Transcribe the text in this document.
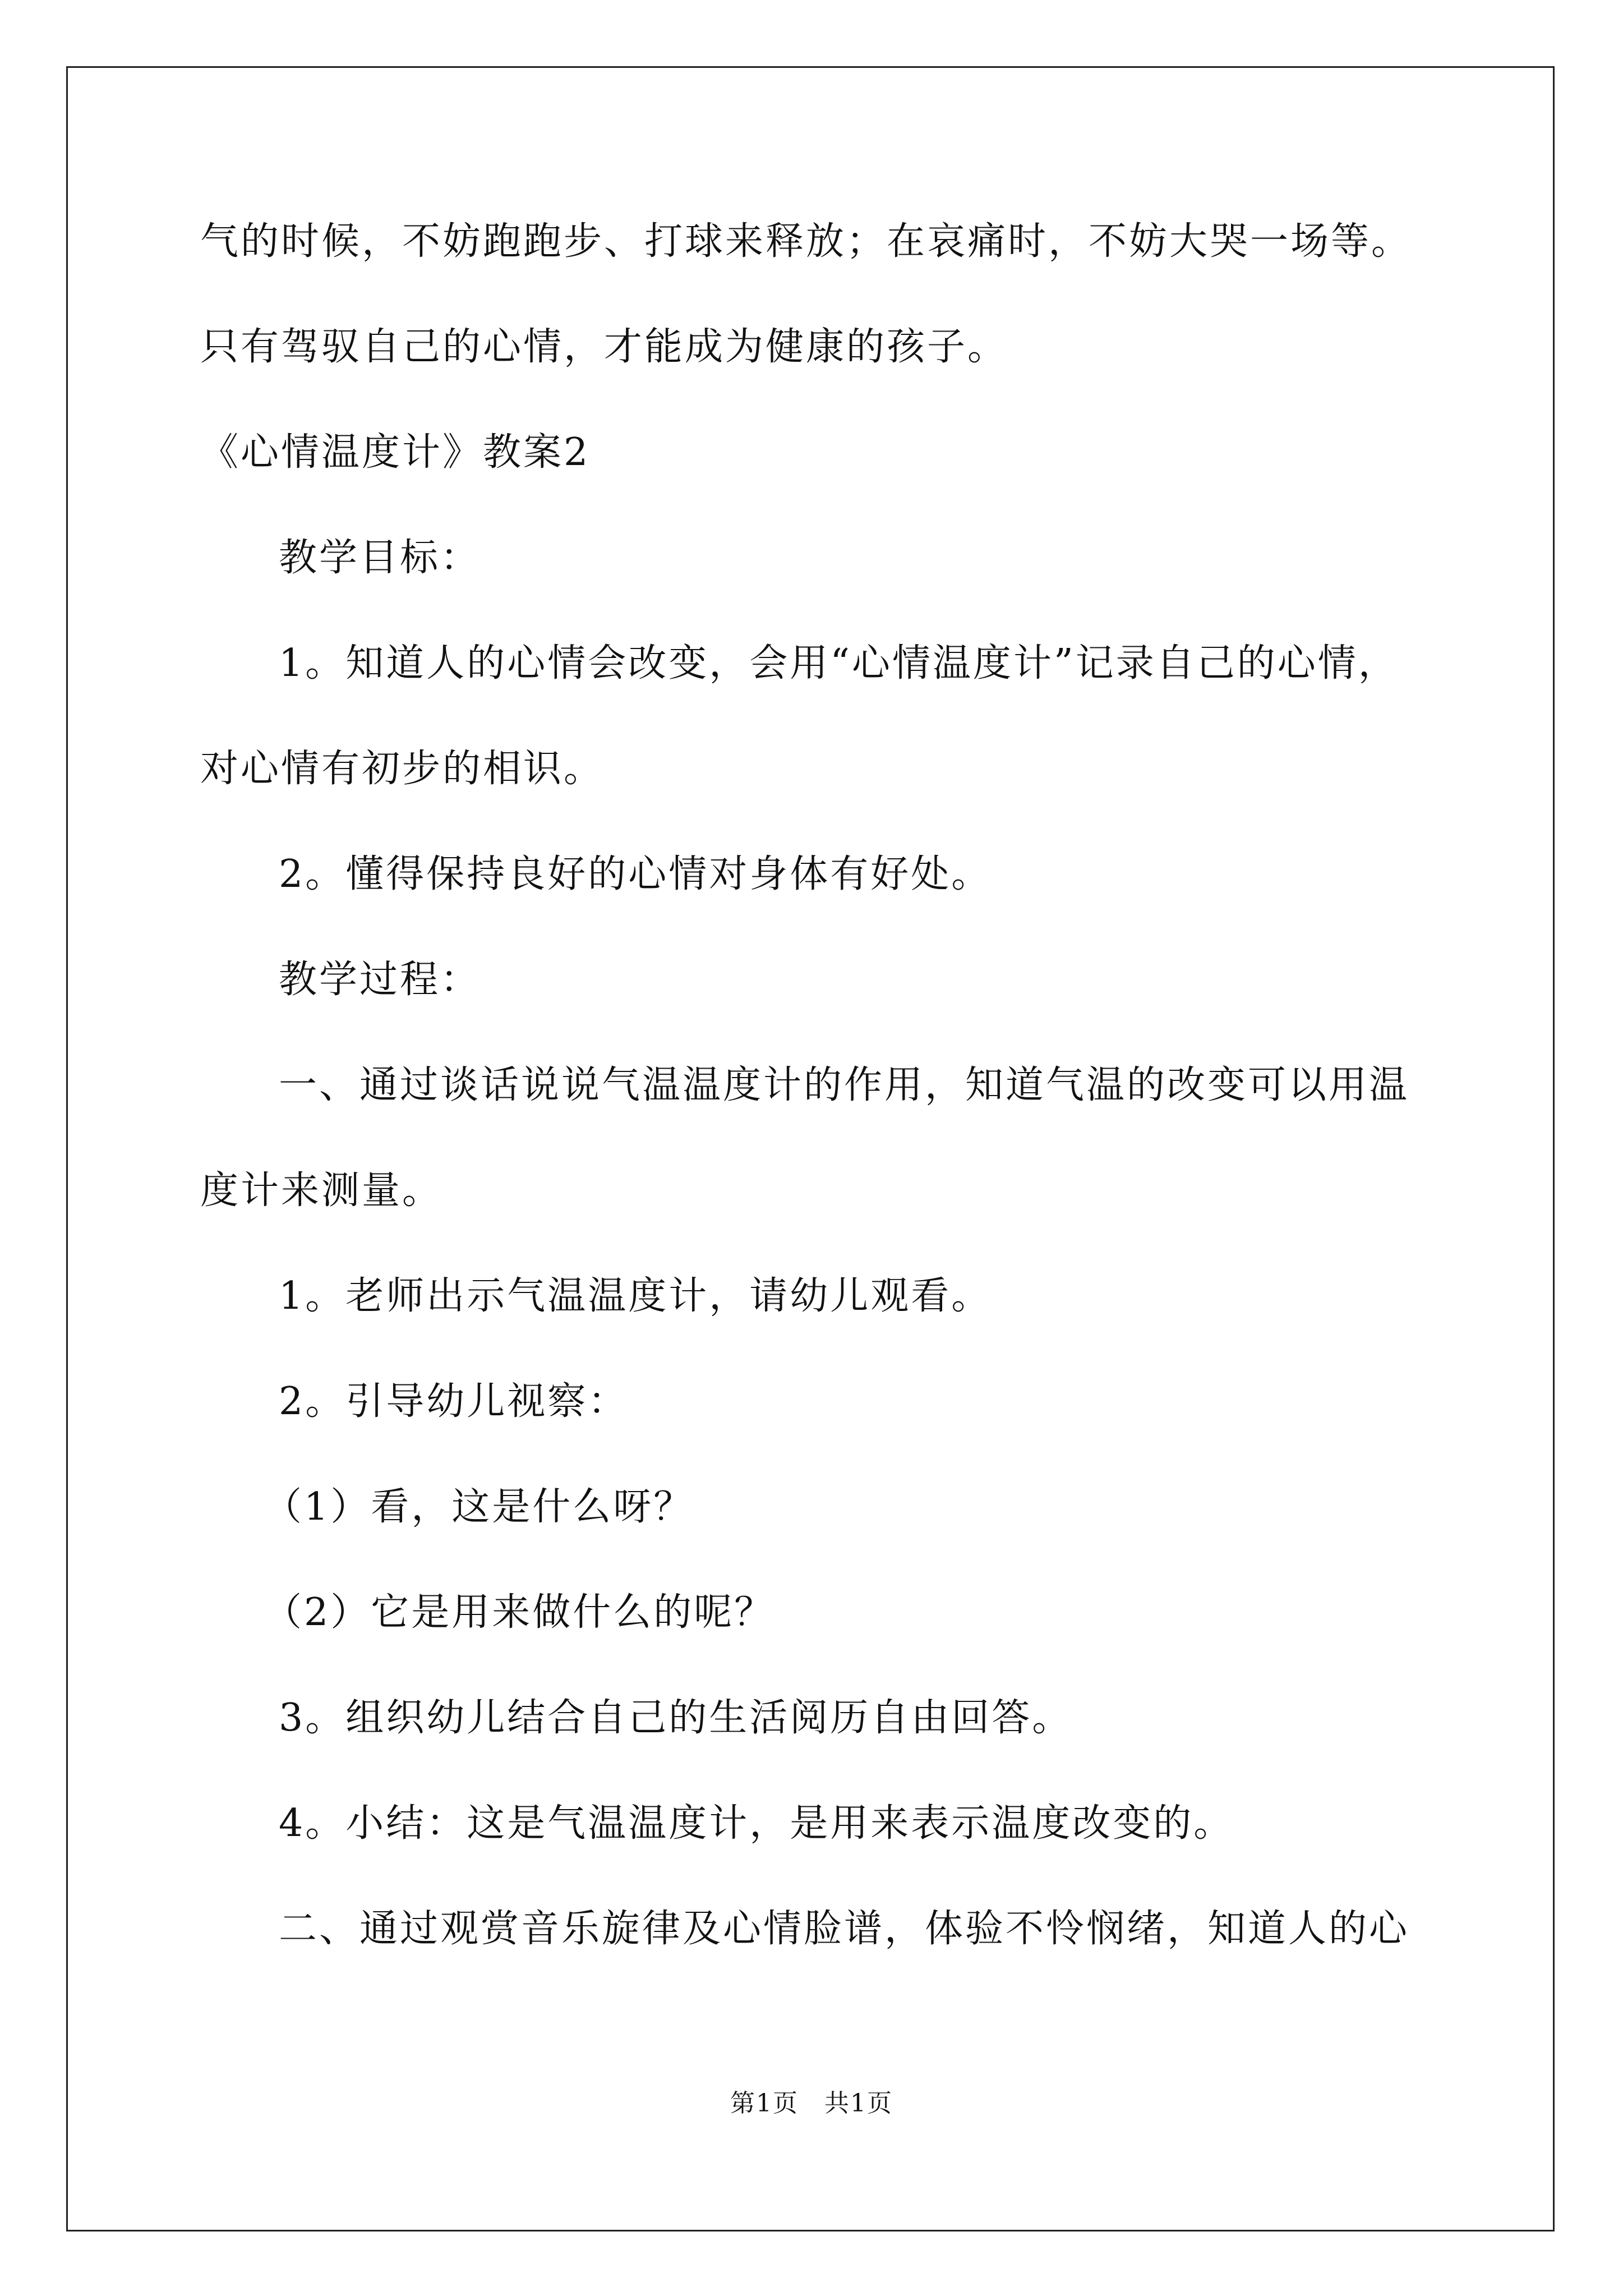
气的时候，不妨跑跑步、打球来释放；在哀痛时，不妨大哭一场等。
只有驾驭自己的心情，才能成为健康的孩子。
《心情温度计》教案2
教学目标：
1。知道人的心情会改变，会用“心情温度计”记录自己的心情，
对心情有初步的相识。
2。懂得保持良好的心情对身体有好处。
教学过程：
一、通过谈话说说气温温度计的作用，知道气温的改变可以用温
度计来测量。
1。老师出示气温温度计，请幼儿观看。
2。引导幼儿视察：
（1）看，这是什么呀？
（2）它是用来做什么的呢？
3。组织幼儿结合自己的生活阅历自由回答。
4。小结：这是气温温度计，是用来表示温度改变的。
二、通过观赏音乐旋律及心情脸谱，体验不怜悯绪，知道人的心
第1页　共1页
